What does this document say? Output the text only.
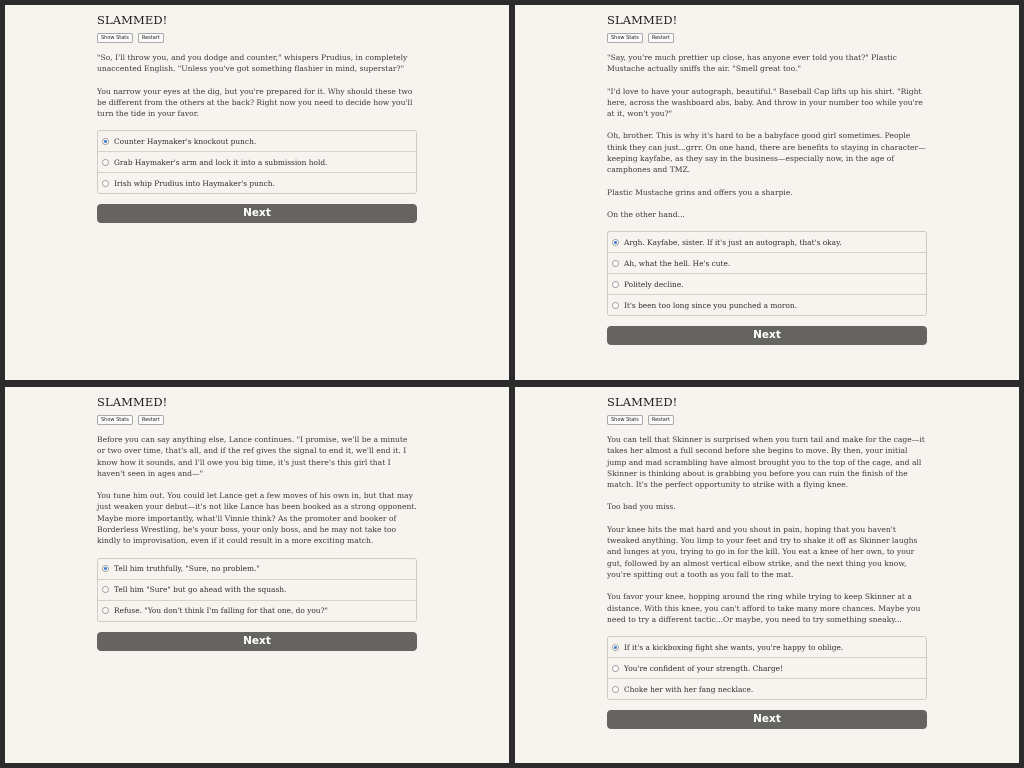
SLAMMED!
Show Stats	Restart

"So, I'll throw you, and you dodge and counter," whispers Prudius, in completely unaccented English. "Unless you've got something flashier in mind, superstar?"

You narrow your eyes at the dig, but you're prepared for it. Why should these two be different from the others at the back? Right now you need to decide how you'll turn the tide in your favor.

Counter Haymaker's knockout punch.
Grab Haymaker's arm and lock it into a submission hold.
Irish whip Prudius into Haymaker's punch.
Next
SLAMMED!
Show Stats	Restart

"Say, you're much prettier up close, has anyone ever told you that?" Plastic Mustache actually sniffs the air. "Smell great too."

"I'd love to have your autograph, beautiful." Baseball Cap lifts up his shirt. "Right here, across the washboard abs, baby. And throw in your number too while you're at it, won't you?"

Oh, brother. This is why it's hard to be a babyface good girl sometimes. People think they can just...grrr. On one hand, there are benefits to staying in character—keeping kayfabe, as they say in the business—especially now, in the age of camphones and TMZ.

Plastic Mustache grins and offers you a sharpie.

On the other hand...

Argh. Kayfabe, sister. If it's just an autograph, that's okay.
Ah, what the hell. He's cute.
Politely decline.
It's been too long since you punched a moron.
Next
SLAMMED!
Show Stats	Restart

Before you can say anything else, Lance continues. "I promise, we'll be a minute or two over time, that's all, and if the ref gives the signal to end it, we'll end it. I know how it sounds, and I'll owe you big time, it's just there's this girl that I haven't seen in ages and—"

You tune him out. You could let Lance get a few moves of his own in, but that may just weaken your debut—it's not like Lance has been booked as a strong opponent. Maybe more importantly, what'll Vinnie think? As the promoter and booker of Borderless Wrestling, he's your boss, your only boss, and he may not take too kindly to improvisation, even if it could result in a more exciting match.

Tell him truthfully, "Sure, no problem."
Tell him "Sure" but go ahead with the squash.
Refuse. "You don't think I'm falling for that one, do you?"
Next
SLAMMED!
Show Stats	Restart

You can tell that Skinner is surprised when you turn tail and make for the cage—it takes her almost a full second before she begins to move. By then, your initial jump and mad scrambling have almost brought you to the top of the cage, and all Skinner is thinking about is grabbing you before you can ruin the finish of the match. It's the perfect opportunity to strike with a flying knee.

Too bad you miss.

Your knee hits the mat hard and you shout in pain, hoping that you haven't tweaked anything. You limp to your feet and try to shake it off as Skinner laughs and lunges at you, trying to go in for the kill. You eat a knee of her own, to your gut, followed by an almost vertical elbow strike, and the next thing you know, you're spitting out a tooth as you fall to the mat.

You favor your knee, hopping around the ring while trying to keep Skinner at a distance. With this knee, you can't afford to take many more chances. Maybe you need to try a different tactic...Or maybe, you need to try something sneaky...

If it's a kickboxing fight she wants, you're happy to oblige.
You're confident of your strength. Charge!
Choke her with her fang necklace.
Next
